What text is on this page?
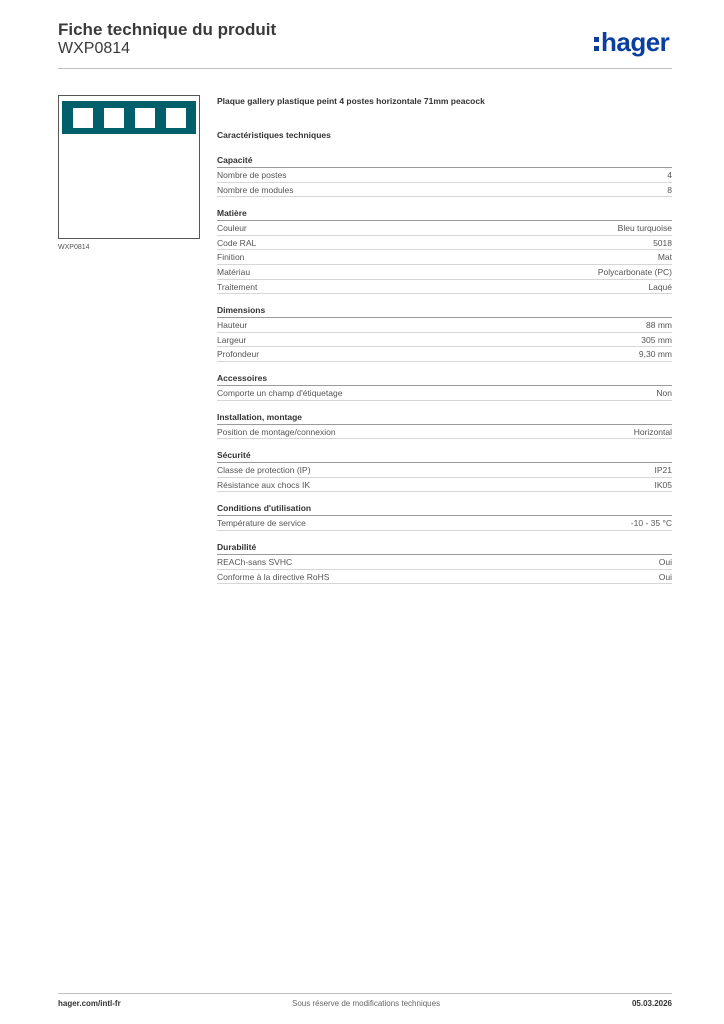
Fiche technique du produit
WXP0814	hager
WXP0814
Plaque gallery plastique peint 4 postes horizontale 71mm peacock
Caractéristiques techniques
Capacité
Nombre de postes	4
Nombre de modules	8
Matière
Couleur	Bleu turquoise
Code RAL	5018
Finition	Mat
Matériau	Polycarbonate (PC)
Traitement	Laqué
Dimensions
Hauteur	88 mm
Largeur	305 mm
Profondeur	9,30 mm
Accessoires
Comporte un champ d'étiquetage	Non
Installation, montage
Position de montage/connexion	Horizontal
Sécurité
Classe de protection (IP)	IP21
Résistance aux chocs IK	IK05
Conditions d'utilisation
Température de service	-10 - 35 °C
Durabilité
REACh-sans SVHC	Oui
Conforme à la directive RoHS	Oui
hager.com/intl-fr	Sous réserve de modifications techniques	05.03.2026
